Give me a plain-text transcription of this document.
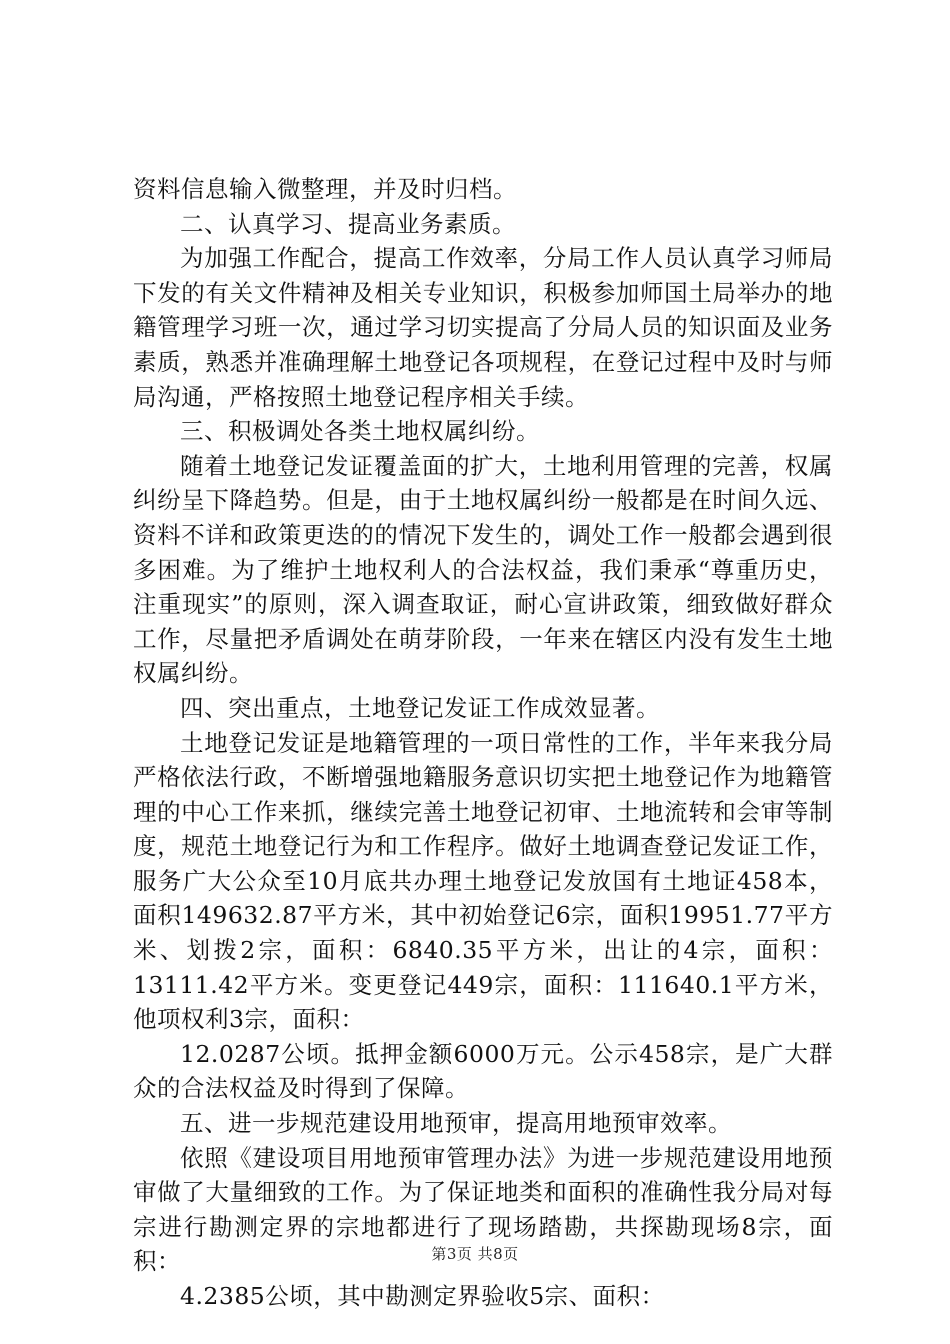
资料信息输入微整理，并及时归档。

二、认真学习、提高业务素质。

为加强工作配合，提高工作效率，分局工作人员认真学习师局下发的有关文件精神及相关专业知识，积极参加师国土局举办的地籍管理学习班一次，通过学习切实提高了分局人员的知识面及业务素质，熟悉并准确理解土地登记各项规程，在登记过程中及时与师局沟通，严格按照土地登记程序相关手续。

三、积极调处各类土地权属纠纷。

随着土地登记发证覆盖面的扩大，土地利用管理的完善，权属纠纷呈下降趋势。但是，由于土地权属纠纷一般都是在时间久远、资料不详和政策更迭的的情况下发生的，调处工作一般都会遇到很多困难。为了维护土地权利人的合法权益，我们秉承“尊重历史，注重现实”的原则，深入调查取证，耐心宣讲政策，细致做好群众工作，尽量把矛盾调处在萌芽阶段，一年来在辖区内没有发生土地权属纠纷。

四、突出重点，土地登记发证工作成效显著。

土地登记发证是地籍管理的一项日常性的工作，半年来我分局严格依法行政，不断增强地籍服务意识切实把土地登记作为地籍管理的中心工作来抓，继续完善土地登记初审、土地流转和会审等制度，规范土地登记行为和工作程序。做好土地调查登记发证工作，服务广大公众至10月底共办理土地登记发放国有土地证458本，面积149632.87平方米，其中初始登记6宗，面积19951.77平方米、划拨2宗，面积：6840.35平方米，出让的4宗，面积：13111.42平方米。变更登记449宗，面积：111640.1平方米，他项权利3宗，面积：

12.0287公顷。抵押金额6000万元。公示458宗，是广大群众的合法权益及时得到了保障。

五、进一步规范建设用地预审，提高用地预审效率。

依照《建设项目用地预审管理办法》为进一步规范建设用地预审做了大量细致的工作。为了保证地类和面积的准确性我分局对每宗进行勘测定界的宗地都进行了现场踏勘，共探勘现场8宗，面积：

4.2385公顷，其中勘测定界验收5宗、面积：

第3页 共8页
